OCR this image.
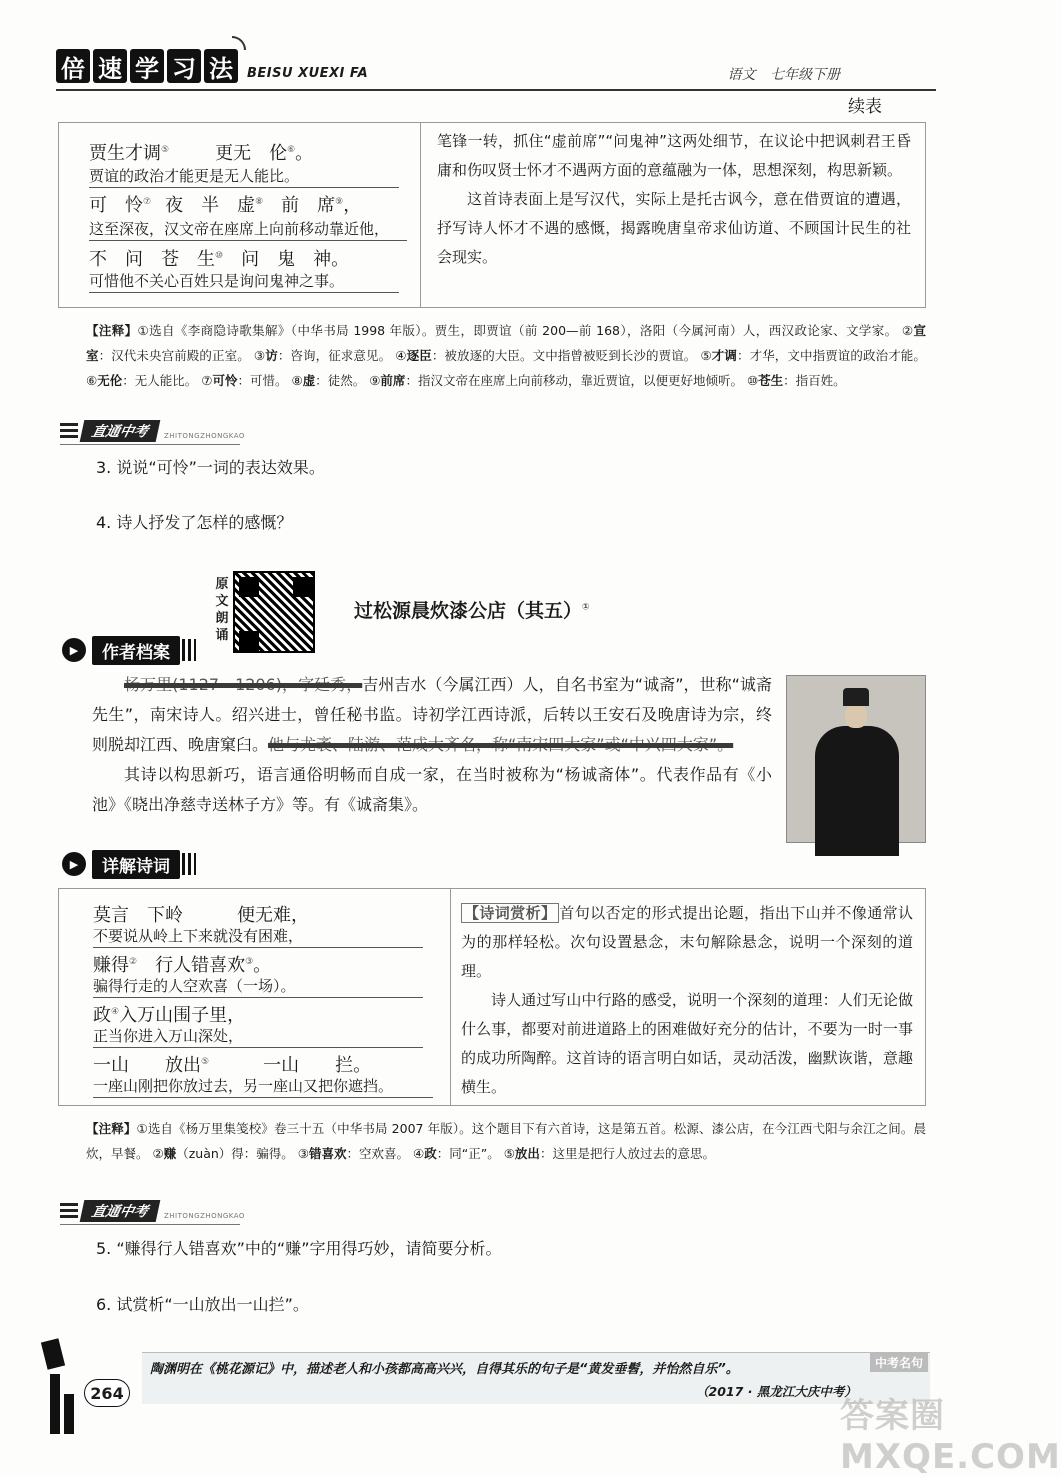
倍 速 学 习 法	BEISU XUEXI FA	语文 七年级下册
续表
贾生才调⑤	更无　伦⑥。
贾谊的政治才能更是无人能比。
可　怜⑦ 夜　半　虚⑧　前　席⑨，
这至深夜，汉文帝在座席上向前移动靠近他，
不　问　苍　生⑩　问　鬼　神。
可惜他不关心百姓只是询问鬼神之事。

笔锋一转，抓住“虚前席”“问鬼神”这两处细节，在议论中把讽刺君王昏庸和伤叹贤士怀才不遇两方面的意蕴融为一体，思想深刻，构思新颖。

这首诗表面上是写汉代，实际上是托古讽今，意在借贾谊的遭遇，抒写诗人怀才不遇的感慨，揭露晚唐皇帝求仙访道、不顾国计民生的社会现实。

【注释】①选自《李商隐诗歌集解》（中华书局 1998 年版）。贾生，即贾谊（前 200—前 168），洛阳（今属河南）人，西汉政论家、文学家。 ②宣室：汉代未央宫前殿的正室。 ③访：咨询，征求意见。 ④逐臣：被放逐的大臣。文中指曾被贬到长沙的贾谊。 ⑤才调：才华，文中指贾谊的政治才能。 ⑥无伦：无人能比。 ⑦可怜：可惜。 ⑧虚：徒然。 ⑨前席：指汉文帝在座席上向前移动，靠近贾谊，以便更好地倾听。 ⑩苍生：指百姓。
直通中考	ZHITONGZHONGKAO
3. 说说“可怜”一词的表达效果。
4. 诗人抒发了怎样的感慨？
原文朗诵
过松源晨炊漆公店（其五）①
▶	作者档案

杨万里(1127—1206)，字廷秀，吉州吉水（今属江西）人，自名书室为“诚斋”，世称“诚斋先生”，南宋诗人。绍兴进士，曾任秘书监。诗初学江西诗派，后转以王安石及晚唐诗为宗，终则脱却江西、晚唐窠臼。他与尤袤、陆游、范成大齐名，称“南宋四大家”或“中兴四大家”。

其诗以构思新巧，语言通俗明畅而自成一家，在当时被称为“杨诚斋体”。代表作品有《小池》《晓出净慈寺送林子方》等。有《诚斋集》。

▶	详解诗词
莫言　下岭　　　便无难，
不要说从岭上下来就没有困难，
赚得②　行人错喜欢③。
骗得行走的人空欢喜（一场）。
政④入万山围子里，
正当你进入万山深处，
一山　　放出⑤　　　一山　　拦。
一座山刚把你放过去，另一座山又把你遮挡。

【诗词赏析】 首句以否定的形式提出论题，指出下山并不像通常认为的那样轻松。次句设置悬念，末句解除悬念，说明一个深刻的道理。

诗人通过写山中行路的感受，说明一个深刻的道理：人们无论做什么事，都要对前进道路上的困难做好充分的估计，不要为一时一事的成功所陶醉。这首诗的语言明白如话，灵动活泼，幽默诙谐，意趣横生。

【注释】①选自《杨万里集笺校》卷三十五（中华书局 2007 年版）。这个题目下有六首诗，这是第五首。松源、漆公店，在今江西弋阳与余江之间。晨炊，早餐。 ②赚（zuàn）得：骗得。 ③错喜欢：空欢喜。 ④政：同“正”。 ⑤放出：这里是把行人放过去的意思。
直通中考	ZHITONGZHONGKAO
5. “赚得行人错喜欢”中的“赚”字用得巧妙，请简要分析。
6. 试赏析“一山放出一山拦”。
陶渊明在《桃花源记》中，描述老人和小孩都高高兴兴，自得其乐的句子是“黄发垂髫，并怡然自乐”。
（2017 · 黑龙江大庆中考）
中考名句
264
答案圈 MXQE.COM
